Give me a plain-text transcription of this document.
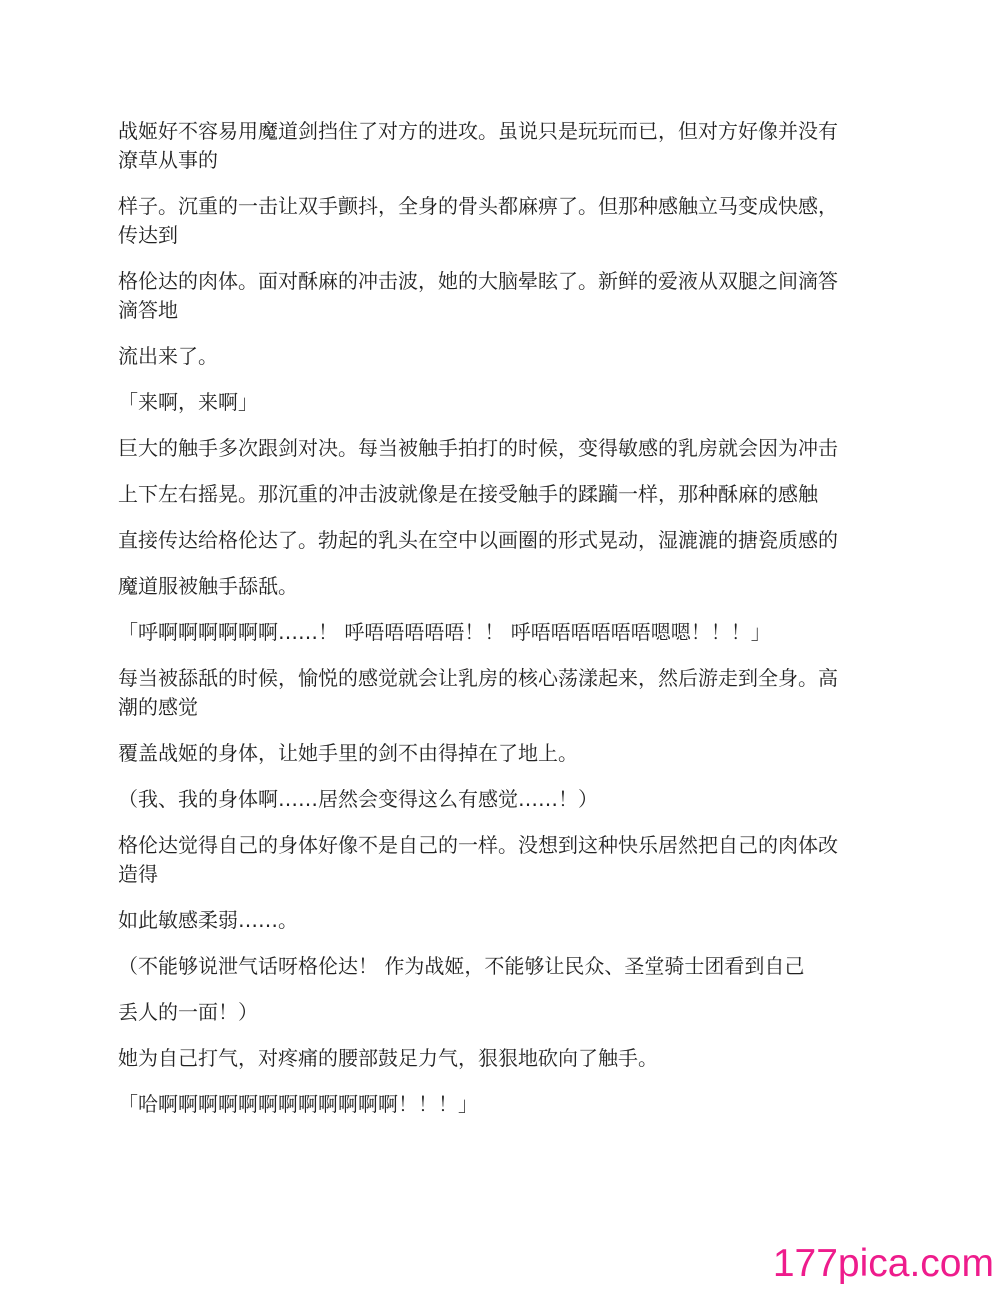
战姬好不容易用魔道剑挡住了对方的进攻。虽说只是玩玩而已，但对方好像并没有
潦草从事的
样子。沉重的一击让双手颤抖，全身的骨头都麻痹了。但那种感触立马变成快感，
传达到
格伦达的肉体。面对酥麻的冲击波，她的大脑晕眩了。新鲜的爱液从双腿之间滴答
滴答地
流出来了。
「来啊，来啊」
巨大的触手多次跟剑对决。每当被触手拍打的时候，变得敏感的乳房就会因为冲击
上下左右摇晃。那沉重的冲击波就像是在接受触手的蹂躏一样，那种酥麻的感触
直接传达给格伦达了。勃起的乳头在空中以画圈的形式晃动，湿漉漉的搪瓷质感的
魔道服被触手舔舐。
「呼啊啊啊啊啊啊……！ 呼唔唔唔唔唔！！ 呼唔唔唔唔唔唔嗯嗯！！！」
每当被舔舐的时候，愉悦的感觉就会让乳房的核心荡漾起来，然后游走到全身。高
潮的感觉
覆盖战姬的身体，让她手里的剑不由得掉在了地上。
（我、我的身体啊……居然会变得这么有感觉……！）
格伦达觉得自己的身体好像不是自己的一样。没想到这种快乐居然把自己的肉体改
造得
如此敏感柔弱……。
（不能够说泄气话呀格伦达！ 作为战姬，不能够让民众、圣堂骑士团看到自己
丢人的一面！）
她为自己打气，对疼痛的腰部鼓足力气，狠狠地砍向了触手。
「哈啊啊啊啊啊啊啊啊啊啊啊啊！！！」
177pica.com
